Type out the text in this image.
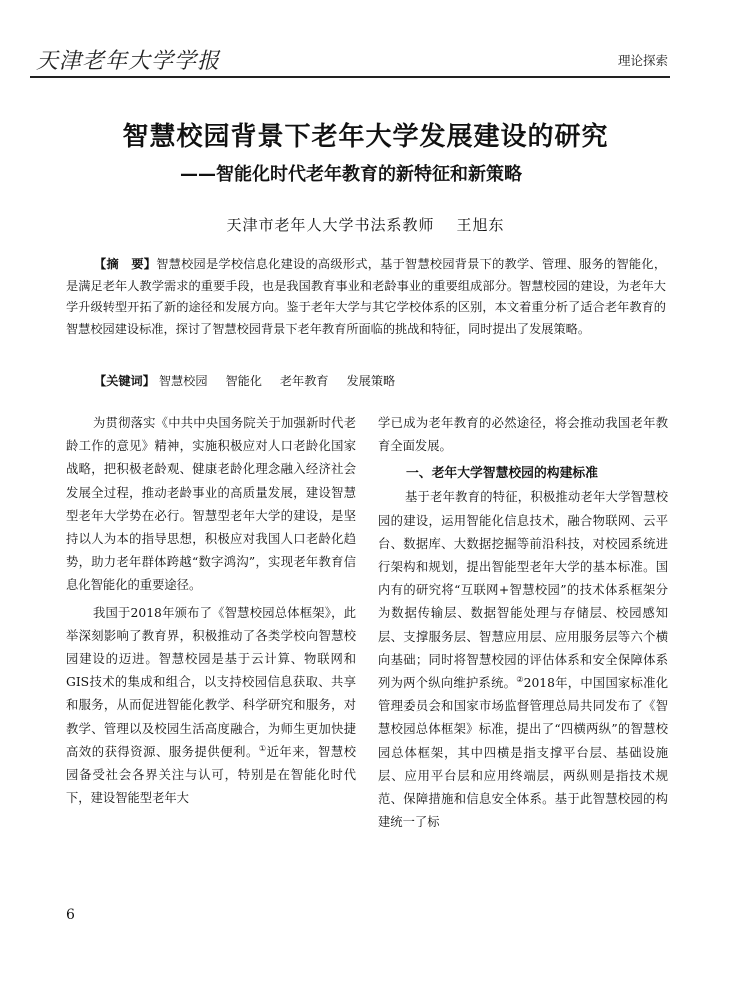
天津老年大学学报	理论探索
智慧校园背景下老年大学发展建设的研究
——智能化时代老年教育的新特征和新策略
天津市老年人大学书法系教师 王旭东
【摘　要】智慧校园是学校信息化建设的高级形式，基于智慧校园背景下的教学、管理、服务的智能化，是满足老年人教学需求的重要手段，也是我国教育事业和老龄事业的重要组成部分。智慧校园的建设，为老年大学升级转型开拓了新的途径和发展方向。鉴于老年大学与其它学校体系的区别，本文着重分析了适合老年教育的智慧校园建设标准，探讨了智慧校园背景下老年教育所面临的挑战和特征，同时提出了发展策略。
【关键词】 智慧校园 智能化 老年教育 发展策略

为贯彻落实《中共中央国务院关于加强新时代老龄工作的意见》精神，实施积极应对人口老龄化国家战略，把积极老龄观、健康老龄化理念融入经济社会发展全过程，推动老龄事业的高质量发展，建设智慧型老年大学势在必行。智慧型老年大学的建设，是坚持以人为本的指导思想，积极应对我国人口老龄化趋势，助力老年群体跨越“数字鸿沟”，实现老年教育信息化智能化的重要途径。

我国于2018年颁布了《智慧校园总体框架》，此举深刻影响了教育界，积极推动了各类学校向智慧校园建设的迈进。智慧校园是基于云计算、物联网和GIS技术的集成和组合，以支持校园信息获取、共享和服务，从而促进智能化教学、科学研究和服务，对教学、管理以及校园生活高度融合，为师生更加快捷高效的获得资源、服务提供便利。①近年来，智慧校园备受社会各界关注与认可，特别是在智能化时代下，建设智能型老年大

学已成为老年教育的必然途径，将会推动我国老年教育全面发展。

一、老年大学智慧校园的构建标准

基于老年教育的特征，积极推动老年大学智慧校园的建设，运用智能化信息技术，融合物联网、云平台、数据库、大数据挖掘等前沿科技，对校园系统进行架构和规划，提出智能型老年大学的基本标准。国内有的研究将“互联网+智慧校园”的技术体系框架分为数据传输层、数据智能处理与存储层、校园感知层、支撑服务层、智慧应用层、应用服务层等六个横向基础；同时将智慧校园的评估体系和安全保障体系列为两个纵向维护系统。②2018年，中国国家标准化管理委员会和国家市场监督管理总局共同发布了《智慧校园总体框架》标准，提出了“四横两纵”的智慧校园总体框架，其中四横是指支撑平台层、基础设施层、应用平台层和应用终端层，两纵则是指技术规范、保障措施和信息安全体系。基于此智慧校园的构建统一了标

6
